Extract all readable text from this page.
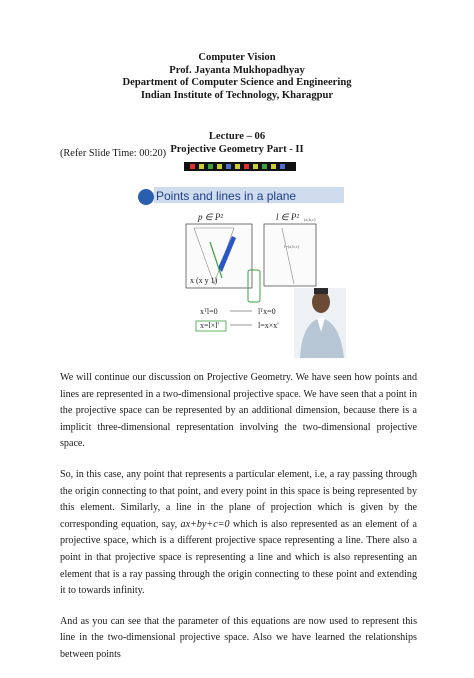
Computer Vision
Prof. Jayanta Mukhopadhyay
Department of Computer Science and Engineering
Indian Institute of Technology, Kharagpur
Lecture – 06
Projective Geometry Part - II
(Refer Slide Time: 00:20)
Points and lines in a plane
p ∈ P²	l ∈ P² (a,b,c)
l=(a,b,c)
x (x y 1)
xᵀl=0
x=l×l'
lᵀx=0
l=x×x'

We will continue our discussion on Projective Geometry. We have seen how points and lines are represented in a two-dimensional projective space. We have seen that a point in the projective space can be represented by an additional dimension, because there is a implicit three-dimensional representation involving the two-dimensional projective space.

So, in this case, any point that represents a particular element, i.e, a ray passing through the origin connecting to that point, and every point in this space is being represented by this element. Similarly, a line in the plane of projection which is given by the corresponding equation, say, ax+by+c=0 which is also represented as an element of a projective space, which is a different projective space representing a line. There also a point in that projective space is representing a line and which is also representing an element that is a ray passing through the origin connecting to these point and extending it to towards infinity.

And as you can see that the parameter of this equations are now used to represent this line in the two-dimensional projective space. Also we have learned the relationships between points
